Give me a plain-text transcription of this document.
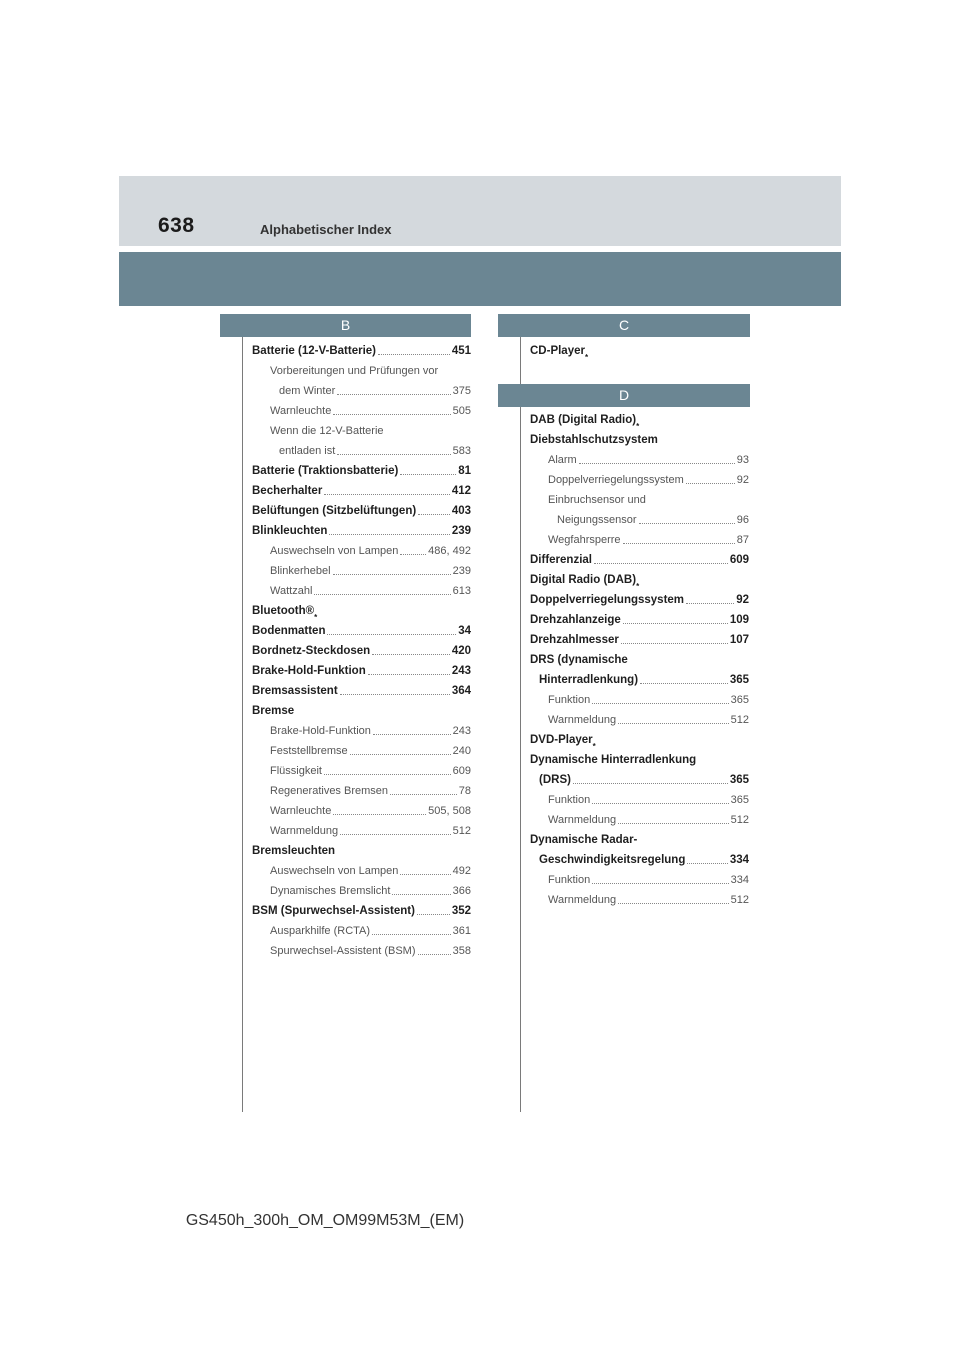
638	Alphabetischer Index
B
Batterie (12-V-Batterie)	451
Vorbereitungen und Prüfungen vor
dem Winter	375
Warnleuchte	505
Wenn die 12-V-Batterie
entladen ist	583
Batterie (Traktionsbatterie)	81
Becherhalter	412
Belüftungen (Sitzbelüftungen)	403
Blinkleuchten	239
Auswechseln von Lampen	486, 492
Blinkerhebel	239
Wattzahl	613
Bluetooth®
*
Bodenmatten	34
Bordnetz-Steckdosen	420
Brake-Hold-Funktion	243
Bremsassistent	364
Bremse
Brake-Hold-Funktion	243
Feststellbremse	240
Flüssigkeit	609
Regeneratives Bremsen	78
Warnleuchte	505, 508
Warnmeldung	512
Bremsleuchten
Auswechseln von Lampen	492
Dynamisches Bremslicht	366
BSM (Spurwechsel-Assistent)	352
Ausparkhilfe (RCTA)	361
Spurwechsel-Assistent (BSM)	358
C
CD-Player
*
D
DAB (Digital Radio)
*
Diebstahlschutzsystem
Alarm	93
Doppelverriegelungssystem	92
Einbruchsensor und
Neigungssensor	96
Wegfahrsperre	87
Differenzial	609
Digital Radio (DAB)
*
Doppelverriegelungssystem	92
Drehzahlanzeige	109
Drehzahlmesser	107
DRS (dynamische
Hinterradlenkung)	365
Funktion	365
Warnmeldung	512
DVD-Player
*
Dynamische Hinterradlenkung
(DRS)	365
Funktion	365
Warnmeldung	512
Dynamische Radar-
Geschwindigkeitsregelung	334
Funktion	334
Warnmeldung	512
GS450h_300h_OM_OM99M53M_(EM)
